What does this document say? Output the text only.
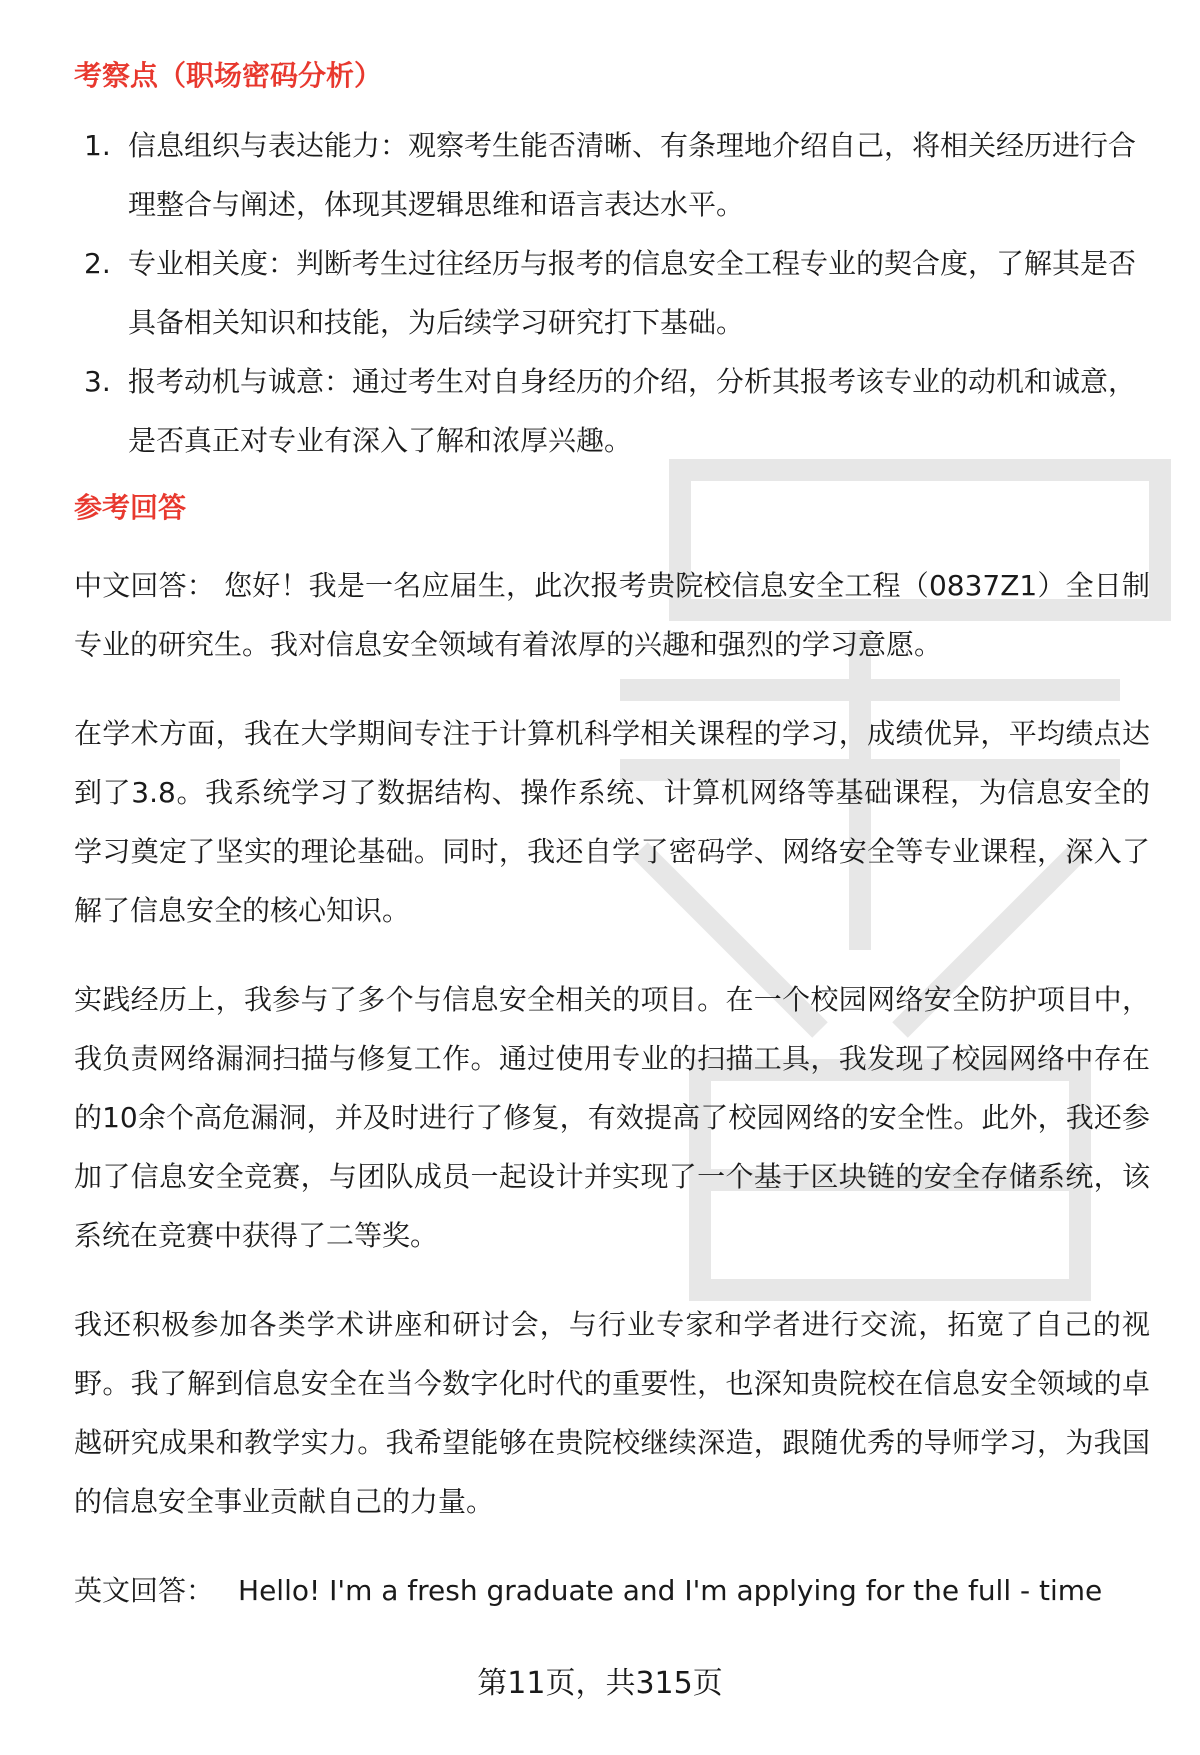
考察点（职场密码分析）
1. 信息组织与表达能力：观察考生能否清晰、有条理地介绍自己，将相关经历进行合理整合与阐述，体现其逻辑思维和语言表达水平。
2. 专业相关度：判断考生过往经历与报考的信息安全工程专业的契合度，了解其是否具备相关知识和技能，为后续学习研究打下基础。
3. 报考动机与诚意：通过考生对自身经历的介绍，分析其报考该专业的动机和诚意，是否真正对专业有深入了解和浓厚兴趣。
参考回答

中文回答： 您好！我是一名应届生，此次报考贵院校信息安全工程（0837Z1）全日制专业的研究生。我对信息安全领域有着浓厚的兴趣和强烈的学习意愿。

在学术方面，我在大学期间专注于计算机科学相关课程的学习，成绩优异，平均绩点达到了3.8。我系统学习了数据结构、操作系统、计算机网络等基础课程，为信息安全的学习奠定了坚实的理论基础。同时，我还自学了密码学、网络安全等专业课程，深入了解了信息安全的核心知识。

实践经历上，我参与了多个与信息安全相关的项目。在一个校园网络安全防护项目中，我负责网络漏洞扫描与修复工作。通过使用专业的扫描工具，我发现了校园网络中存在的10余个高危漏洞，并及时进行了修复，有效提高了校园网络的安全性。此外，我还参加了信息安全竞赛，与团队成员一起设计并实现了一个基于区块链的安全存储系统，该系统在竞赛中获得了二等奖。

我还积极参加各类学术讲座和研讨会，与行业专家和学者进行交流，拓宽了自己的视野。我了解到信息安全在当今数字化时代的重要性，也深知贵院校在信息安全领域的卓越研究成果和教学实力。我希望能够在贵院校继续深造，跟随优秀的导师学习，为我国的信息安全事业贡献自己的力量。

英文回答： Hello! I'm a fresh graduate and I'm applying for the full - time

第11页，共315页
